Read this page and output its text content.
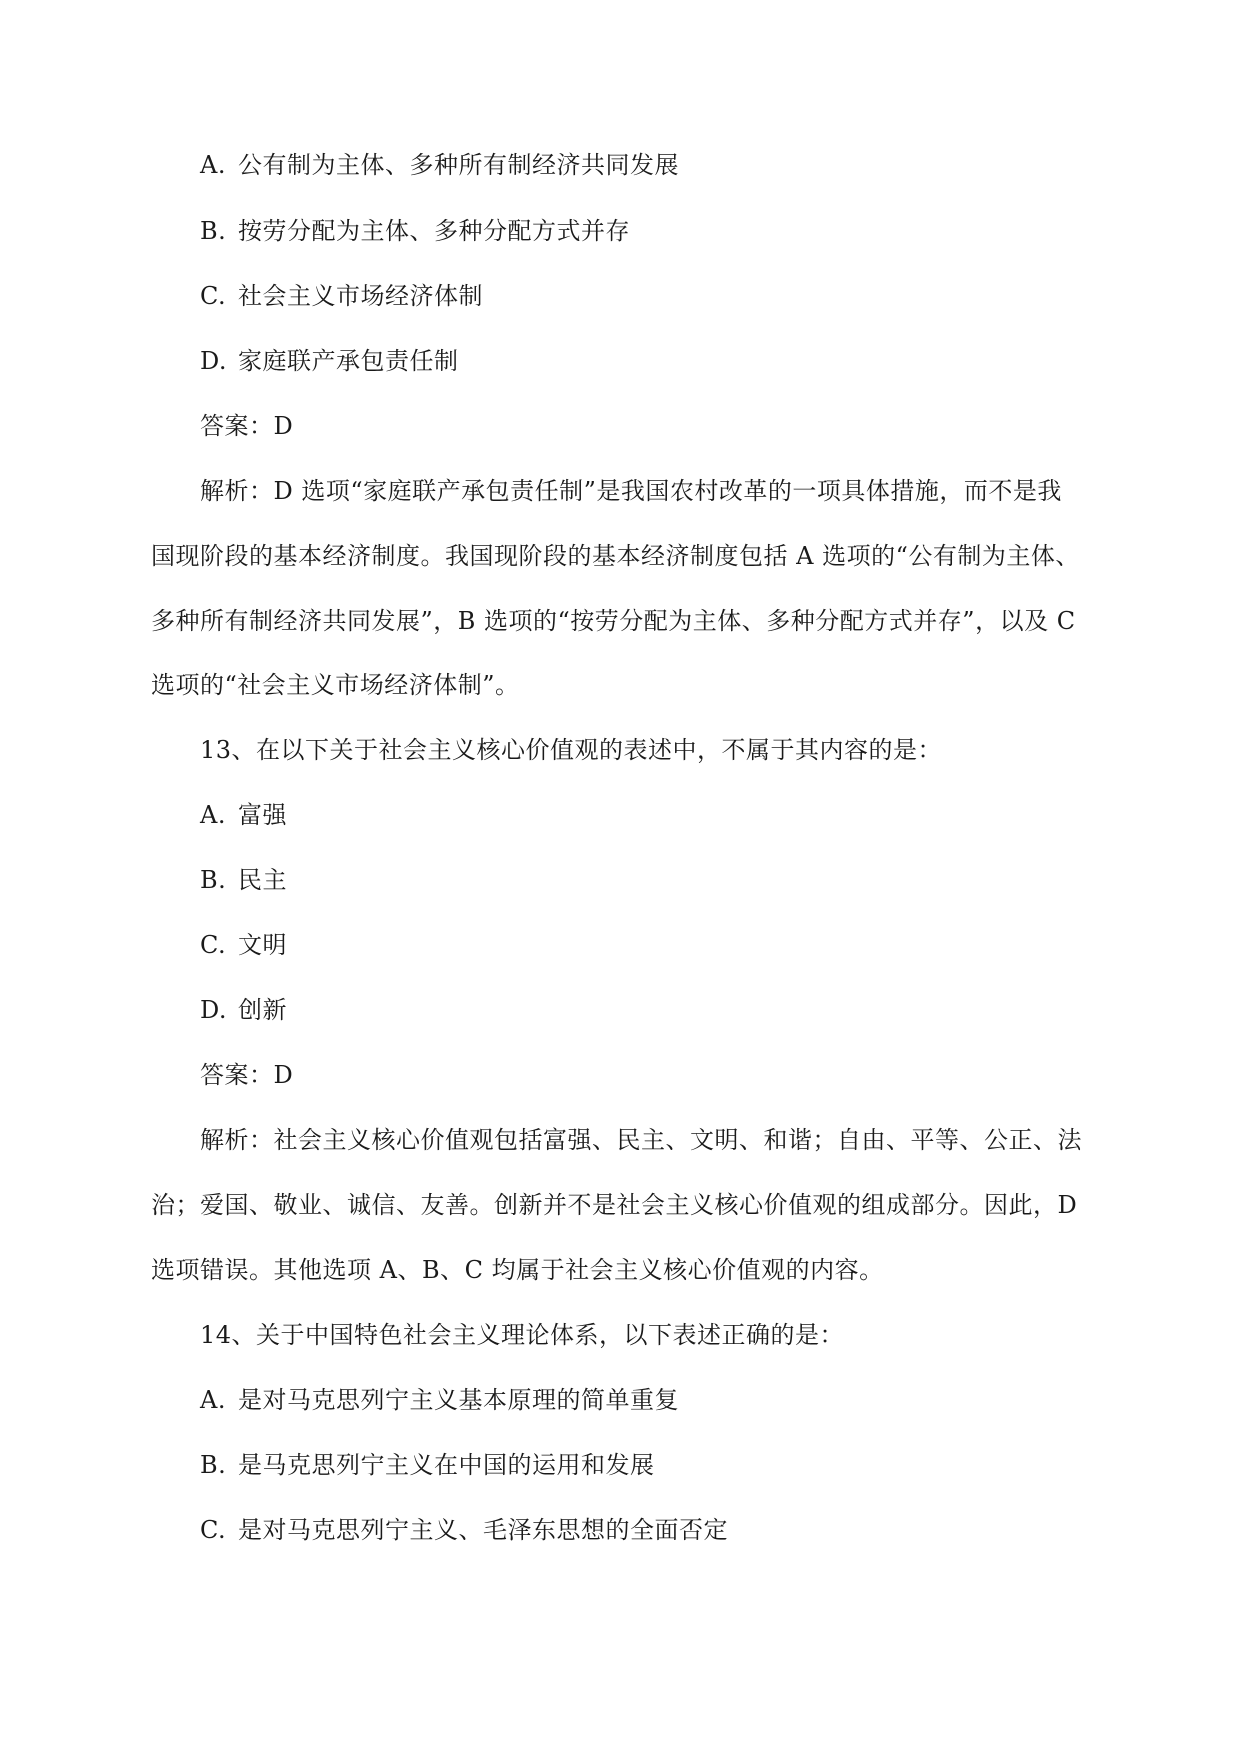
A. 公有制为主体、多种所有制经济共同发展
B. 按劳分配为主体、多种分配方式并存
C. 社会主义市场经济体制
D. 家庭联产承包责任制
答案：D
解析：D 选项“家庭联产承包责任制”是我国农村改革的一项具体措施，而不是我
国现阶段的基本经济制度。我国现阶段的基本经济制度包括 A 选项的“公有制为主体、
多种所有制经济共同发展”，B 选项的“按劳分配为主体、多种分配方式并存”，以及 C
选项的“社会主义市场经济体制”。
13、在以下关于社会主义核心价值观的表述中，不属于其内容的是：
A. 富强
B. 民主
C. 文明
D. 创新
答案：D
解析：社会主义核心价值观包括富强、民主、文明、和谐；自由、平等、公正、法
治；爱国、敬业、诚信、友善。创新并不是社会主义核心价值观的组成部分。因此，D
选项错误。其他选项 A、B、C 均属于社会主义核心价值观的内容。
14、关于中国特色社会主义理论体系，以下表述正确的是：
A. 是对马克思列宁主义基本原理的简单重复
B. 是马克思列宁主义在中国的运用和发展
C. 是对马克思列宁主义、毛泽东思想的全面否定
